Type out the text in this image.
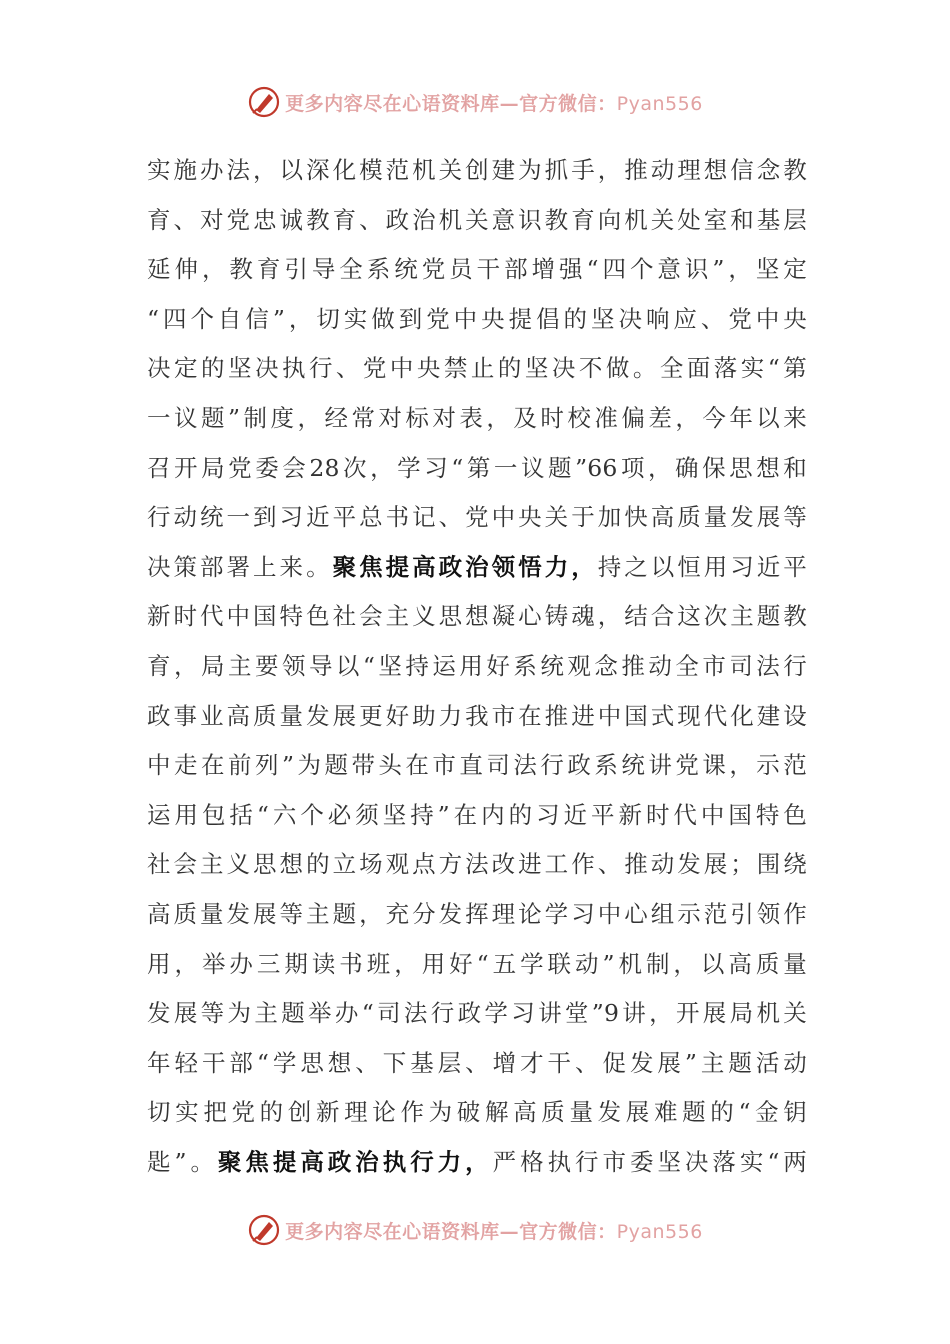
更多内容尽在心语资料库—官方微信：Pyan556
实施办法，以深化模范机关创建为抓手，推动理想信念教
育、对党忠诚教育、政治机关意识教育向机关处室和基层
延伸，教育引导全系统党员干部增强“四个意识”，坚定
“四个自信”，切实做到党中央提倡的坚决响应、党中央
决定的坚决执行、党中央禁止的坚决不做。全面落实“第
一议题”制度，经常对标对表，及时校准偏差，今年以来
召开局党委会28次，学习“第一议题”66项，确保思想和
行动统一到习近平总书记、党中央关于加快高质量发展等
决策部署上来。聚焦提高政治领悟力，持之以恒用习近平
新时代中国特色社会主义思想凝心铸魂，结合这次主题教
育，局主要领导以“坚持运用好系统观念推动全市司法行
政事业高质量发展更好助力我市在推进中国式现代化建设
中走在前列”为题带头在市直司法行政系统讲党课，示范
运用包括“六个必须坚持”在内的习近平新时代中国特色
社会主义思想的立场观点方法改进工作、推动发展；围绕
高质量发展等主题，充分发挥理论学习中心组示范引领作
用，举办三期读书班，用好“五学联动”机制，以高质量
发展等为主题举办“司法行政学习讲堂”9讲，开展局机关
年轻干部“学思想、下基层、增才干、促发展”主题活动
切实把党的创新理论作为破解高质量发展难题的“金钥
匙”。聚焦提高政治执行力，严格执行市委坚决落实“两
更多内容尽在心语资料库—官方微信：Pyan556
